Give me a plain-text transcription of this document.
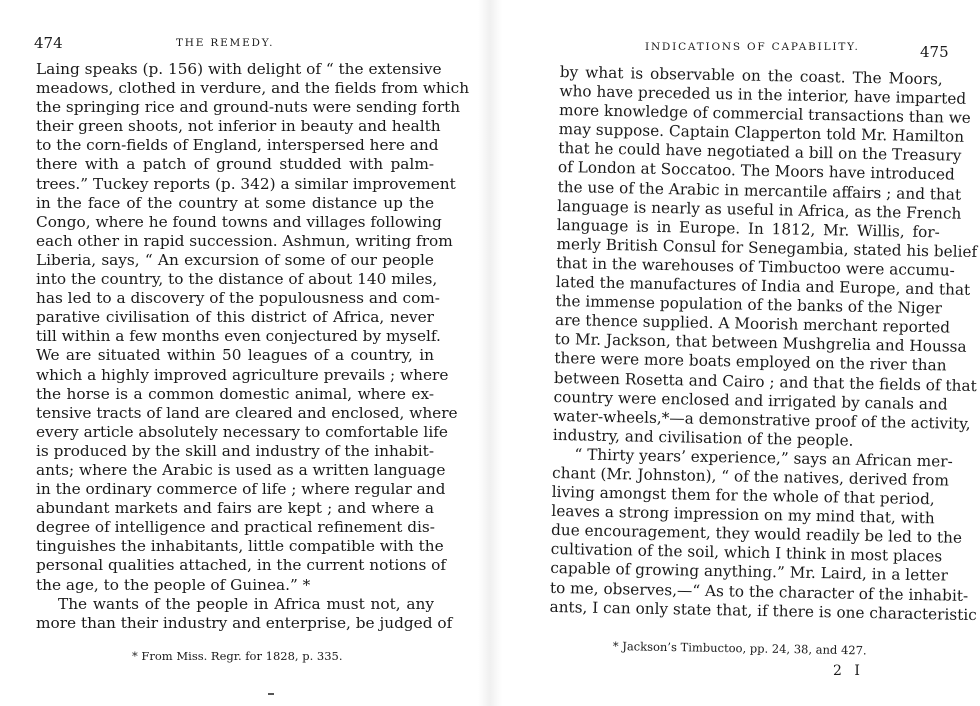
474	THE REMEDY.
Laing speaks (p. 156) with delight of “ the extensive
meadows, clothed in verdure, and the fields from which
the springing rice and ground-nuts were sending forth
their green shoots, not inferior in beauty and health
to the corn-fields of England, interspersed here and
there with a patch of ground studded with palm-
trees.” Tuckey reports (p. 342) a similar improvement
in the face of the country at some distance up the
Congo, where he found towns and villages following
each other in rapid succession. Ashmun, writing from
Liberia, says, “ An excursion of some of our people
into the country, to the distance of about 140 miles,
has led to a discovery of the populousness and com-
parative civilisation of this district of Africa, never
till within a few months even conjectured by myself.
We are situated within 50 leagues of a country, in
which a highly improved agriculture prevails ; where
the horse is a common domestic animal, where ex-
tensive tracts of land are cleared and enclosed, where
every article absolutely necessary to comfortable life
is produced by the skill and industry of the inhabit-
ants; where the Arabic is used as a written language
in the ordinary commerce of life ; where regular and
abundant markets and fairs are kept ; and where a
degree of intelligence and practical refinement dis-
tinguishes the inhabitants, little compatible with the
personal qualities attached, in the current notions of
the age, to the people of Guinea.” *
The wants of the people in Africa must not, any
more than their industry and enterprise, be judged of
* From Miss. Regr. for 1828, p. 335.
INDICATIONS OF CAPABILITY.	475
by what is observable on the coast. The Moors,
who have preceded us in the interior, have imparted
more knowledge of commercial transactions than we
may suppose. Captain Clapperton told Mr. Hamilton
that he could have negotiated a bill on the Treasury
of London at Soccatoo. The Moors have introduced
the use of the Arabic in mercantile affairs ; and that
language is nearly as useful in Africa, as the French
language is in Europe. In 1812, Mr. Willis, for-
merly British Consul for Senegambia, stated his belief
that in the warehouses of Timbuctoo were accumu-
lated the manufactures of India and Europe, and that
the immense population of the banks of the Niger
are thence supplied. A Moorish merchant reported
to Mr. Jackson, that between Mushgrelia and Houssa
there were more boats employed on the river than
between Rosetta and Cairo ; and that the fields of that
country were enclosed and irrigated by canals and
water-wheels,*—a demonstrative proof of the activity,
industry, and civilisation of the people.
“ Thirty years’ experience,” says an African mer-
chant (Mr. Johnston), “ of the natives, derived from
living amongst them for the whole of that period,
leaves a strong impression on my mind that, with
due encouragement, they would readily be led to the
cultivation of the soil, which I think in most places
capable of growing anything.” Mr. Laird, in a letter
to me, observes,—“ As to the character of the inhabit-
ants, I can only state that, if there is one characteristic
* Jackson’s Timbuctoo, pp. 24, 38, and 427.
2 I
